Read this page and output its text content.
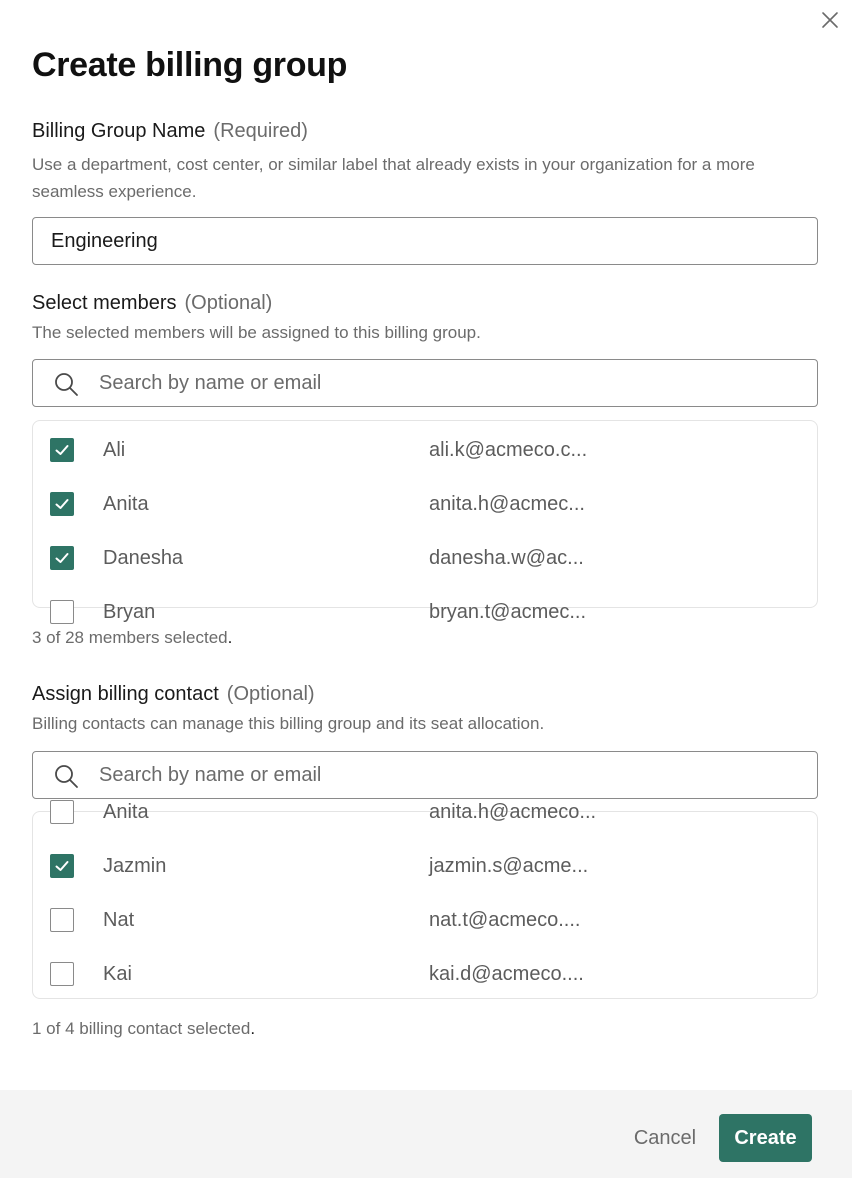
Create billing group
Billing Group Name (Required)
Use a department, cost center, or similar label that already exists in your organization for a more seamless experience.
Engineering
Select members (Optional)
The selected members will be assigned to this billing group.
Search by name or email
Ali	ali.k@acmeco.c...
Anita	anita.h@acmec...
Danesha	danesha.w@ac...
Bryan	bryan.t@acmec...
3 of 28 members selected.
Assign billing contact (Optional)
Billing contacts can manage this billing group and its seat allocation.
Search by name or email
Anita	anita.h@acmeco...
Jazmin	jazmin.s@acme...
Nat	nat.t@acmeco....
Kai	kai.d@acmeco....
1 of 4 billing contact selected.
Cancel	Create
